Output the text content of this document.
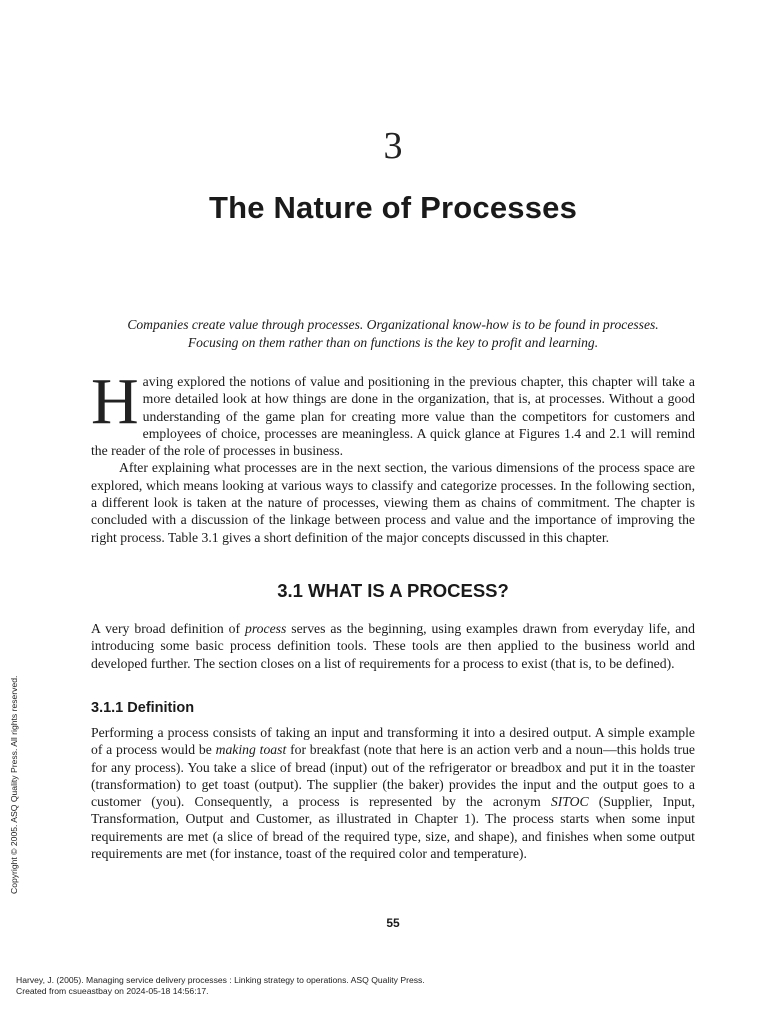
3
The Nature of Processes
Companies create value through processes. Organizational know-how is to be found in processes.
Focusing on them rather than on functions is the key to profit and learning.

Having explored the notions of value and positioning in the previous chapter, this chapter will take a more detailed look at how things are done in the organization, that is, at processes. Without a good understanding of the game plan for creating more value than the competitors for customers and employees of choice, processes are meaningless. A quick glance at Figures 1.4 and 2.1 will remind the reader of the role of processes in business.

After explaining what processes are in the next section, the various dimensions of the process space are explored, which means looking at various ways to classify and categorize processes. In the following section, a different look is taken at the nature of processes, viewing them as chains of commitment. The chapter is concluded with a discussion of the linkage between process and value and the importance of improving the right process. Table 3.1 gives a short definition of the major concepts discussed in this chapter.

3.1 WHAT IS A PROCESS?

A very broad definition of process serves as the beginning, using examples drawn from everyday life, and introducing some basic process definition tools. These tools are then applied to the business world and developed further. The section closes on a list of requirements for a process to exist (that is, to be defined).

3.1.1 Definition

Performing a process consists of taking an input and transforming it into a desired output. A simple example of a process would be making toast for breakfast (note that here is an action verb and a noun—this holds true for any process). You take a slice of bread (input) out of the refrigerator or breadbox and put it in the toaster (transformation) to get toast (output). The supplier (the baker) provides the input and the output goes to a customer (you). Consequently, a process is represented by the acronym SITOC (Supplier, Input, Transformation, Output and Customer, as illustrated in Chapter 1). The process starts when some input requirements are met (a slice of bread of the required type, size, and shape), and finishes when some output requirements are met (for instance, toast of the required color and temperature).

55
Copyright © 2005. ASQ Quality Press. All rights reserved.
Harvey, J. (2005). Managing service delivery processes : Linking strategy to operations. ASQ Quality Press.
Created from csueastbay on 2024-05-18 14:56:17.
